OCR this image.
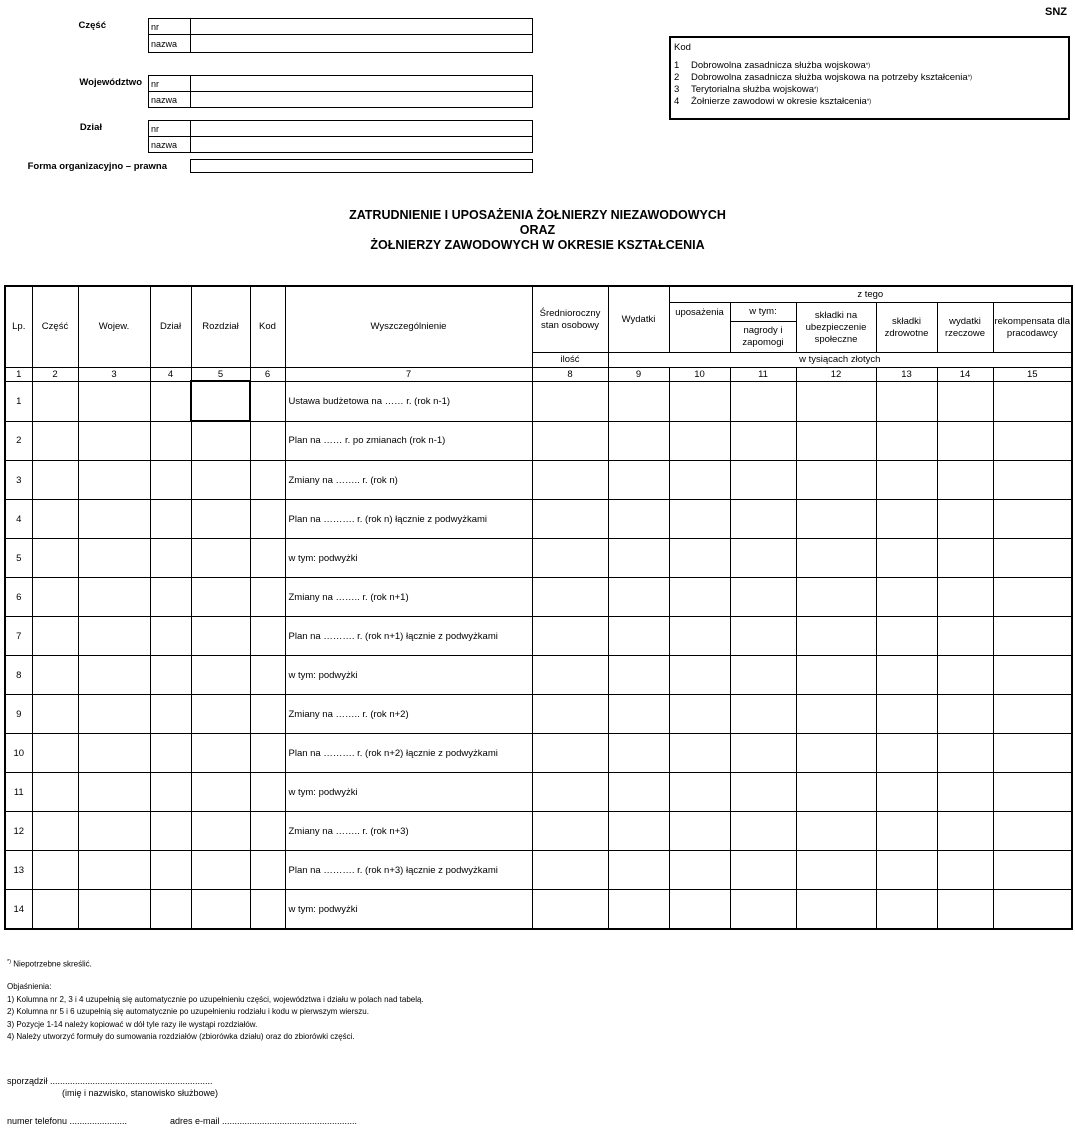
SNZ
Część	nr	
nazwa	
Województwo nr	
nazwa	
Dział	nr	
nazwa	
Forma organizacyjno – prawna
Kod
1	Dobrowolna zasadnicza służba wojskowa *)
2	Dobrowolna zasadnicza służba wojskowa na potrzeby kształcenia *)
3	Terytorialna służba wojskowa *)
4	Żołnierze zawodowi w okresie kształcenia *)
ZATRUDNIENIE I UPOSAŻENIA ŻOŁNIERZY NIEZAWODOWYCH
ORAZ
ŻOŁNIERZY ZAWODOWYCH W OKRESIE KSZTAŁCENIA
Lp.	Część	Wojew.	Dział	Rozdział	Kod	Wyszczególnienie	Średnioroczny stan osobowy	Wydatki	z tego					
									uposażenia	w tym:	składki na ubezpieczenie społeczne	składki zdrowotne	wydatki rzeczowe	rekompensata dla pracodawcy
										nagrody i zapomogi				
							ilość	w tysiącach złotych						
1	2	3	4	5	6	7	8	9	10	11	12	13	14	15
1						Ustawa budżetowa na …… r. (rok n-1)								
2						Plan na …… r. po zmianach (rok n-1)								
3						Zmiany na …….. r. (rok n)								
4						Plan na ………. r. (rok n) łącznie z podwyżkami								
5						w tym: podwyżki								
6						Zmiany na …….. r. (rok n+1)								
7						Plan na ………. r. (rok n+1) łącznie z podwyżkami								
8						w tym: podwyżki								
9						Zmiany na …….. r. (rok n+2)								
10						Plan na ………. r. (rok n+2) łącznie z podwyżkami								
11						w tym: podwyżki								
12						Zmiany na …….. r. (rok n+3)								
13						Plan na ………. r. (rok n+3) łącznie z podwyżkami								
14						w tym: podwyżki								
*) Niepotrzebne skreślić.
Objaśnienia:
1) Kolumna nr 2, 3 i 4 uzupełnią się automatycznie po uzupełnieniu części, województwa i działu w polach nad tabelą.
2) Kolumna nr 5 i 6 uzupełnią się automatycznie po uzupełnieniu rodziału i kodu w pierwszym wierszu.
3) Pozycje 1-14 należy kopiować w dół tyle razy ile wystąpi rozdziałów.
4) Należy utworzyć formuły do sumowania rozdziałów (zbiorówka działu) oraz do zbiorówki części.
sporządził .................................................................
(imię i nazwisko, stanowisko służbowe)
numer telefonu .......................	adres e-mail ......................................................
